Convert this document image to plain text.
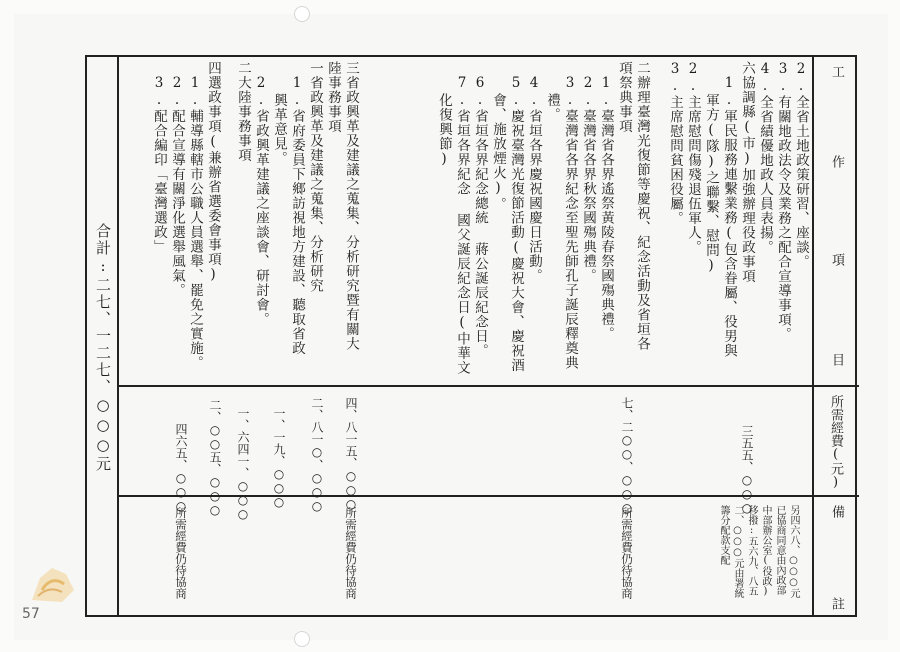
工
作
項
目
所需經費(元)
備
註
2.全省土地政策研習、座談。
3.有關地政法令及業務之配合宣導事項。
4.全省績優地政人員表揚。
六協調縣(市)加強辦理役政事項
1.軍民服務連繫業務(包含眷屬、役男與
軍方(隊)之聯繫、慰問)
2.主席慰問傷殘退伍軍人。
3.主席慰問貧困役屬。
二辦理臺灣光復節等慶祝、紀念活動及省垣各
項祭典事項
1.臺灣省各界遙祭黃陵春祭國殤典禮。
2.臺灣省各界秋祭國殤典禮。
3.臺灣省各界紀念至聖先師孔子誕辰釋奠典
禮。
4.省垣各界慶祝國慶日活動。
5.慶祝臺灣光復節活動(慶祝大會、慶祝酒
會、施放煙火)。
6.省垣各界紀念總統 蔣公誕辰紀念日。
7.省垣各界紀念 國父誕辰紀念日(中華文
化復興節)
三省政興革及建議之蒐集、分析研究暨有關大
陸事務事項
一省政興革及建議之蒐集、分析研究
1.省府委員下鄉訪視地方建設、聽取省政
興革意見。
2.省政興革建議之座談會、研討會。
二大陸事務事項
四選政事項(兼辦省選委會事項)
1.輔導縣轄市公職人員選舉、罷免之實施。
2.配合宣導有關淨化選舉風氣。
3.配合編印「臺灣選政」
合計:二七、一二七、○○○元	三五五、○○○
七、二○○、○○○
四、八一五、○○○
二、八一○、○○○
一、一九、○○○
一、六四一、○○○
二、○○五、○○○
四六五、○○○
另四六八、○○○元
已協商同意由內政部
中部辦公室(役政)
移撥:五六九、八五
二、○○○元由署統
籌分配款支配
所需經費仍待協商
所需經費仍待協商
所需經費仍待協商
57
